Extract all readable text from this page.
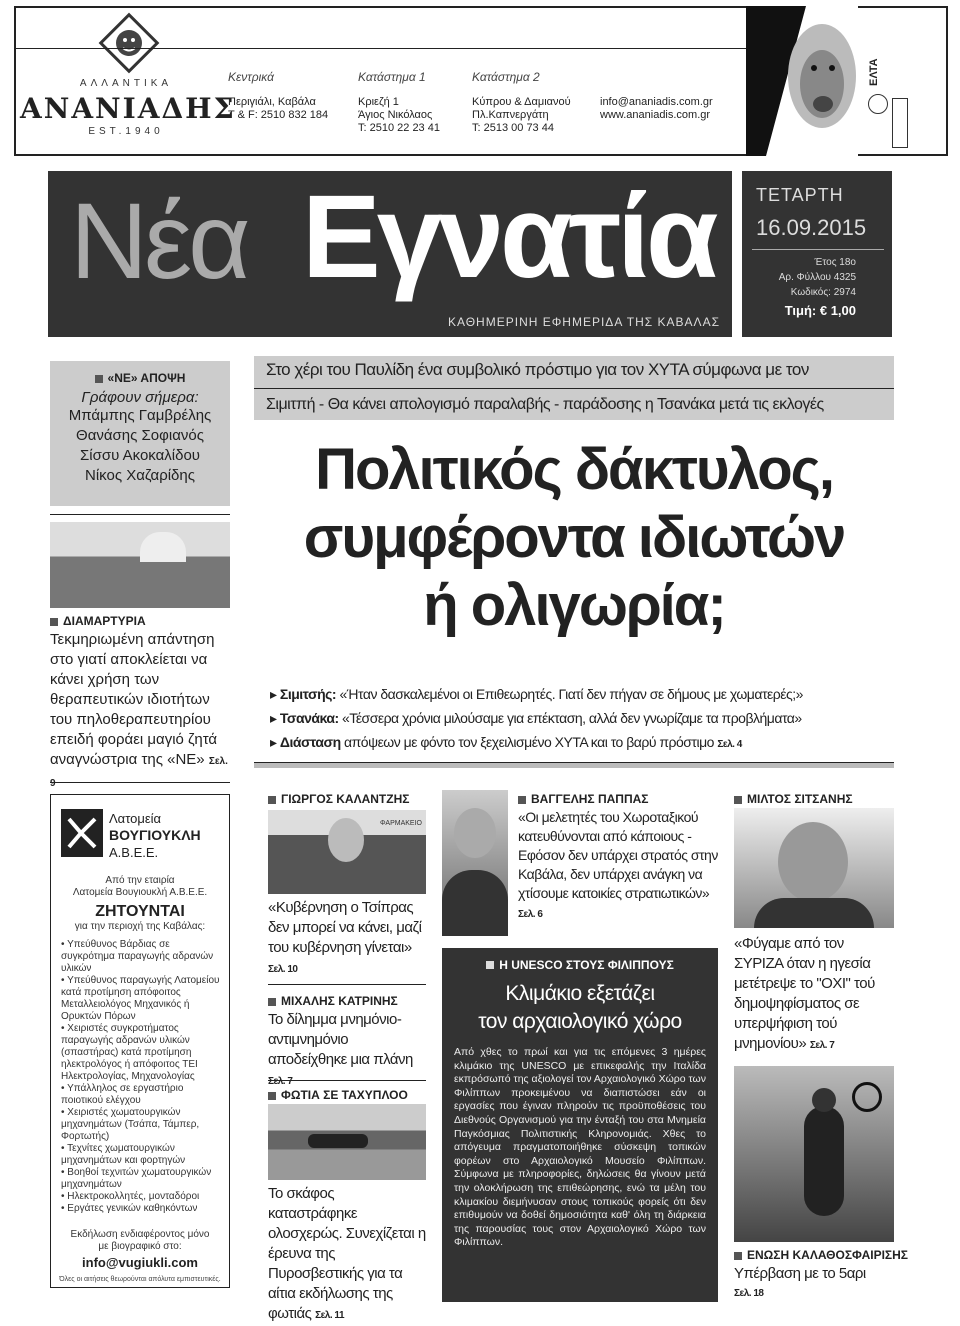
ΑΛΛΑΝΤΙΚΑ
ΑΝΑΝΙΑΔΗΣ
EST.1940
Κεντρικά
Περιγιάλι, Καβάλα
T & F: 2510 832 184
Κατάστημα 1
Κριεζή 1
Άγιος Νικόλαος
Τ: 2510 22 23 41
Κατάστημα 2
Κύπρου & Δαμιανού
Πλ.Καπνεργάτη
Τ: 2513 00 73 44
info@ananiadis.com.gr
www.ananiadis.com.gr
ΕΛΤΑ
Νέα Εγνατία
ΚΑΘΗΜΕΡΙΝΗ ΕΦΗΜΕΡΙΔΑ ΤΗΣ ΚΑΒΑΛΑΣ
ΤΕΤΑΡΤΗ
16.09.2015
Έτος 18ο
Αρ. Φύλλου 4325
Κωδικός: 2974
Τιμή: € 1,00
«ΝΕ» ΑΠΟΨΗ
Γράφουν σήμερα:
Μπάμπης Γαμβρέλης
Θανάσης Σοφιανός
Σίσσυ Ακοκαλίδου
Νίκος Χαζαρίδης
ΔΙΑΜΑΡΤΥΡΙΑ
Τεκμηριωμένη απάντηση στο γιατί αποκλείεται να κάνει χρήση των θεραπευτικών ιδιοτήτων του πηλοθεραπευτηρίου επειδή φοράει μαγιό ζητά αναγνώστρια της «ΝΕ» Σελ. 9
Λατομεία
ΒΟΥΓΙΟΥΚΛΗ
Α.Β.Ε.Ε.
Από την εταιρία
Λατομεία Βουγιουκλή Α.Β.Ε.Ε.
ΖΗΤΟΥΝΤΑΙ
για την περιοχή της Καβάλας:
• Υπεύθυνος Βάρδιας σε συγκρότημα παραγωγής αδρανών υλικών
• Υπεύθυνος παραγωγής Λατομείου κατά προτίμηση απόφοιτος Μεταλλειολόγος Μηχανικός ή Ορυκτών Πόρων
• Χειριστές συγκροτήματος παραγωγής αδρανών υλικών (σπαστήρας) κατά προτίμηση ηλεκτρολόγος ή απόφοιτος ΤΕΙ Ηλεκτρολογίας, Μηχανολογίας
• Υπάλληλος σε εργαστήριο ποιοτικού ελέγχου
• Χειριστές χωματουργικών μηχανημάτων (Τσάπα, Τάμπερ, Φορτωτής)
• Τεχνίτες χωματουργικών μηχανημάτων και φορτηγών
• Βοηθοί τεχνιτών χωματουργικών μηχανημάτων
• Ηλεκτροκολλητές, μονταδόροι
• Εργάτες γενικών καθηκόντων
Εκδήλωση ενδιαφέροντος μόνο με βιογραφικό στο:
info@vugiukli.com
Όλες οι αιτήσεις θεωρούνται απόλυτα εμπιστευτικές.
Στο χέρι του Παυλίδη ένα συμβολικό πρόστιμο για τον ΧΥΤΑ σύμφωνα με τον
Σιμιτπή - Θα κάνει απολογισμό παραλαβής - παράδοσης η Τσανάκα μετά τις εκλογές
Πολιτικός δάκτυλος,
συμφέροντα ιδιωτών
ή ολιγωρία;
▸ Σιμιτσής: «Ήταν δασκαλεμένοι οι Επιθεωρητές. Γιατί δεν πήγαν σε δήμους με χωματερές;»
▸ Τσανάκα: «Τέσσερα χρόνια μιλούσαμε για επέκταση, αλλά δεν γνωρίζαμε τα προβλήματα»
▸ Διάσταση απόψεων με φόντο τον ξεχειλισμένο ΧΥΤΑ και το βαρύ πρόστιμο Σελ. 4
ΓΙΩΡΓΟΣ ΚΑΛΑΝΤΖΗΣ
ΦΑΡΜΑΚΕΙΟ
«Κυβέρνηση ο Τσίπρας δεν μπορεί να κάνει, μαζί του κυβέρνηση γίνεται» Σελ. 10
ΜΙΧΑΛΗΣ ΚΑΤΡΙΝΗΣ
Το δίλημμα μνημόνιο-αντιμνημόνιο αποδείχθηκε μια πλάνη Σελ. 7
ΦΩΤΙΑ ΣΕ ΤΑΧΥΠΛΟΟ
Το σκάφος καταστράφηκε ολοσχερώς. Συνεχίζεται η έρευνα της Πυροσβεστικής για τα αίτια εκδήλωσης της φωτιάς Σελ. 11
ΒΑΓΓΕΛΗΣ ΠΑΠΠΑΣ
«Οι μελετητές του Χωροταξικού κατευθύνονται από κάποιους - Εφόσον δεν υπάρχει στρατός στην Καβάλα, δεν υπάρχει ανάγκη να χτίσουμε κατοικίες στρατιωτικών» Σελ. 6
Η UNESCO ΣΤΟΥΣ ΦΙΛΙΠΠΟΥΣ
Κλιμάκιο εξετάζει
τον αρχαιολογικό χώρο
Από χθες το πρωί και για τις επόμενες 3 ημέρες κλιμάκιο της UNESCO με επικεφαλής την Ιταλίδα εκπρόσωπό της αξιολογεί τον Αρχαιολογικό Χώρο των Φιλίππων προκειμένου να διαπιστώσει εάν οι εργασίες που έγιναν πληρούν τις προϋποθέσεις του Διεθνούς Οργανισμού για την ένταξή του στα Μνημεία Παγκόσμιας Πολιτιστικής Κληρονομιάς. Χθες το απόγευμα πραγματοποιήθηκε σύσκεψη τοπικών φορέων στο Αρχαιολογικό Μουσείο Φιλίππων. Σύμφωνα με πληροφορίες, δηλώσεις θα γίνουν μετά την ολοκλήρωση της επιθεώρησης, ενώ τα μέλη του κλιμακίου διεμήνυσαν στους τοπικούς φορείς ότι δεν επιθυμούν να δοθεί δημοσιότητα καθ' όλη τη διάρκεια της παρουσίας τους στον Αρχαιολογικό Χώρο των Φιλίππων.
ΜΙΛΤΟΣ ΣΙΤΣΑΝΗΣ
«Φύγαμε από τον ΣΥΡΙΖΑ όταν η ηγεσία μετέτρεψε το "ΟΧΙ" τού δημοψηφίσματος σε υπερψήφιση τού μνημονίου» Σελ. 7
ΕΝΩΣΗ ΚΑΛΑΘΟΣΦΑΙΡΙΣΗΣ
Υπέρβαση με το 5αρι
Σελ. 18
